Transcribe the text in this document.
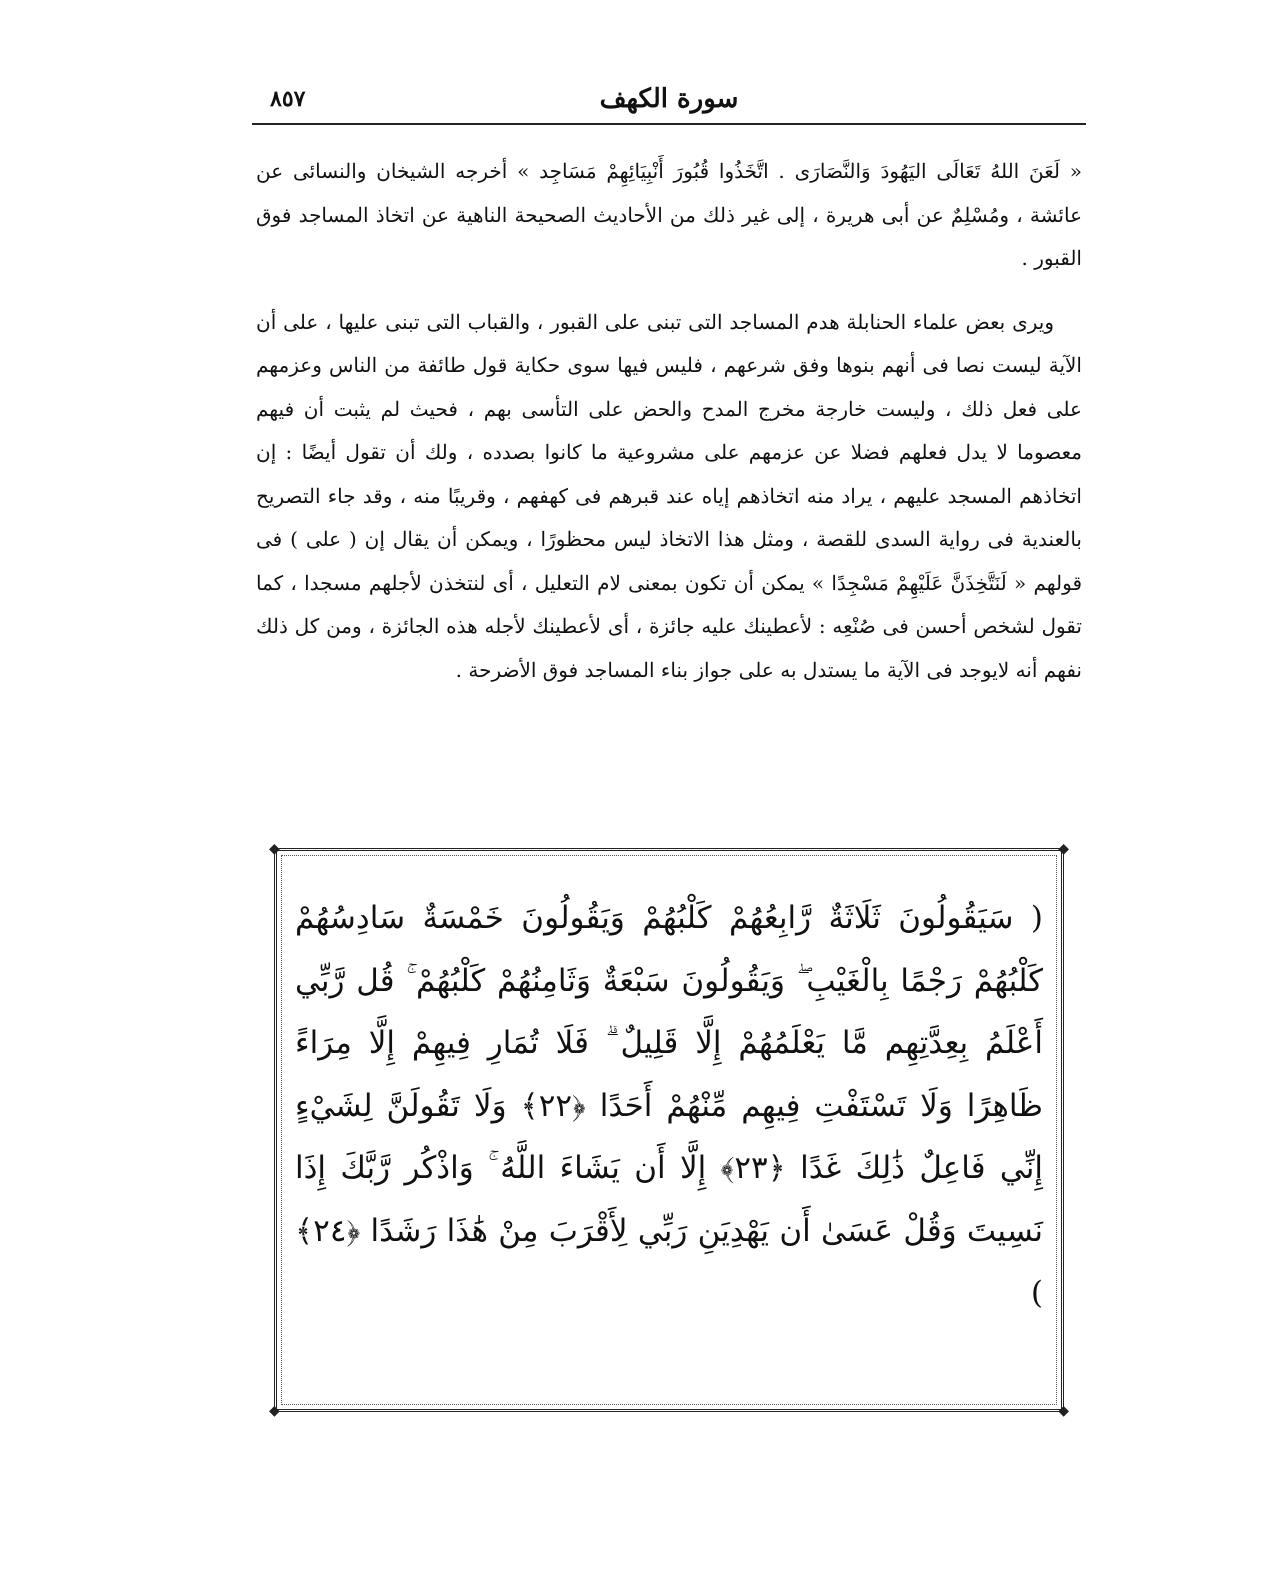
سورة الكهف
٨٥٧

« لَعَنَ اللهُ تَعَالَى اليَهُودَ وَالنَّصَارَى . اتَّخَذُوا قُبُورَ أَنْبِيَائِهِمْ مَسَاجِد » أخرجه الشيخان والنسائى عن عائشة ، ومُسْلِمٌ عن أبى هريرة ، إلى غير ذلك من الأحاديث الصحيحة الناهية عن اتخاذ المساجد فوق القبور .

ويرى بعض علماء الحنابلة هدم المساجد التى تبنى على القبور ، والقباب التى تبنى عليها ، على أن الآية ليست نصا فى أنهم بنوها وفق شرعهم ، فليس فيها سوى حكاية قول طائفة من الناس وعزمهم على فعل ذلك ، وليست خارجة مخرج المدح والحض على التأسى بهم ، فحيث لم يثبت أن فيهم معصوما لا يدل فعلهم فضلا عن عزمهم على مشروعية ما كانوا بصدده ، ولك أن تقول أيضًا : إن اتخاذهم المسجد عليهم ، يراد منه اتخاذهم إياه عند قبرهم فى كهفهم ، وقريبًا منه ، وقد جاء التصريح بالعندية فى رواية السدى للقصة ، ومثل هذا الاتخاذ ليس محظورًا ، ويمكن أن يقال إن ( على ) فى قولهم « لَنَتَّخِذَنَّ عَلَيْهِمْ مَسْجِدًا » يمكن أن تكون بمعنى لام التعليل ، أى لنتخذن لأجلهم مسجدا ، كما تقول لشخص أحسن فى صُنْعِه : لأعطينك عليه جائزة ، أى لأعطينك لأجله هذه الجائزة ، ومن كل ذلك نفهم أنه لايوجد فى الآية ما يستدل به على جواز بناء المساجد فوق الأضرحة .

◆	◆
◆	◆
( سَيَقُولُونَ ثَلَاثَةٌ رَّابِعُهُمْ كَلْبُهُمْ وَيَقُولُونَ خَمْسَةٌ سَادِسُهُمْ كَلْبُهُمْ رَجْمًا بِالْغَيْبِ ۖ وَيَقُولُونَ سَبْعَةٌ وَثَامِنُهُمْ كَلْبُهُمْ ۚ قُل رَّبِّي أَعْلَمُ بِعِدَّتِهِم مَّا يَعْلَمُهُمْ إِلَّا قَلِيلٌ ۗ فَلَا تُمَارِ فِيهِمْ إِلَّا مِرَاءً ظَاهِرًا وَلَا تَسْتَفْتِ فِيهِم مِّنْهُمْ أَحَدًا ﴿٢٢﴾ وَلَا تَقُولَنَّ لِشَيْءٍ إِنِّي فَاعِلٌ ذَٰلِكَ غَدًا ﴿٢٣﴾ إِلَّا أَن يَشَاءَ اللَّهُ ۚ وَاذْكُر رَّبَّكَ إِذَا نَسِيتَ وَقُلْ عَسَىٰ أَن يَهْدِيَنِ رَبِّي لِأَقْرَبَ مِنْ هَٰذَا رَشَدًا ﴿٢٤﴾ )
